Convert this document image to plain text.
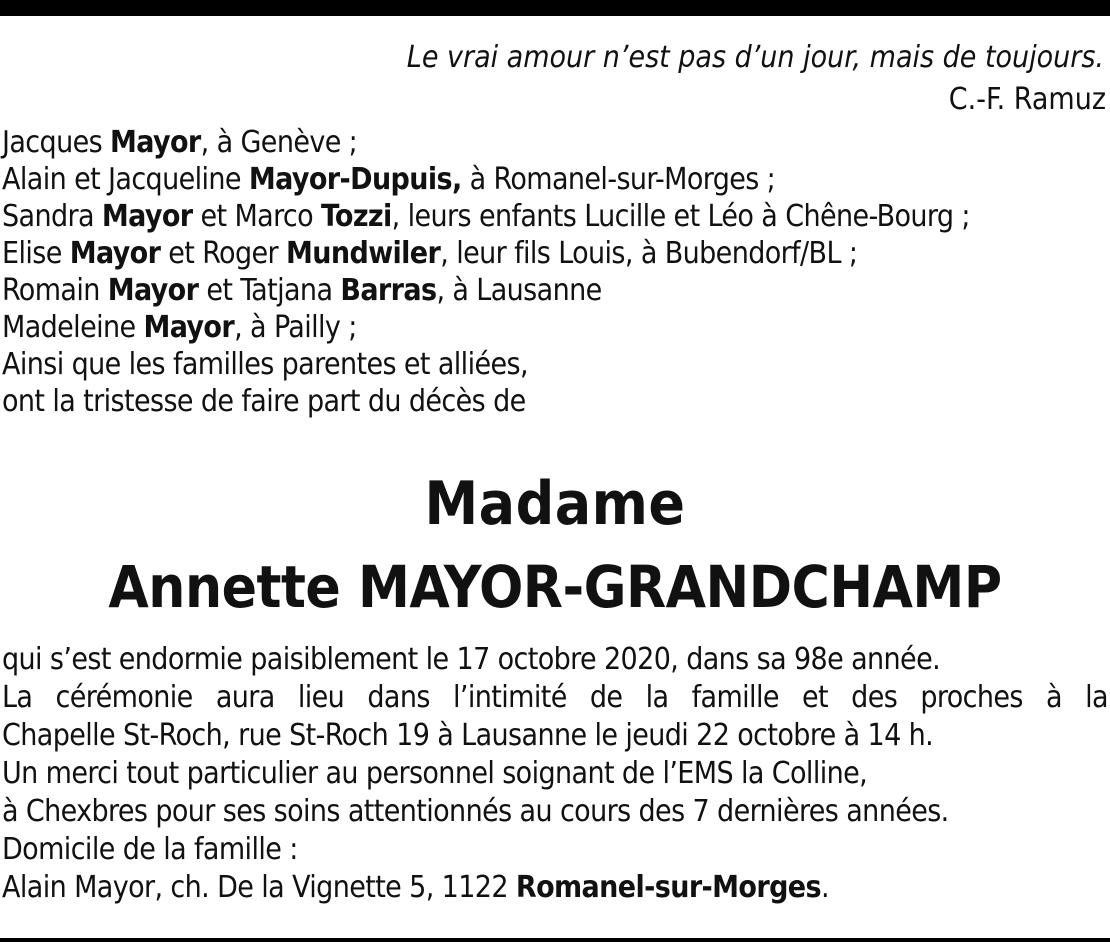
Le vrai amour n’est pas d’un jour, mais de toujours.
C.-F. Ramuz
Jacques Mayor, à Genève ;
Alain et Jacqueline Mayor-Dupuis, à Romanel-sur-Morges ;
Sandra Mayor et Marco Tozzi, leurs enfants Lucille et Léo à Chêne-Bourg ;
Elise Mayor et Roger Mundwiler, leur fils Louis, à Bubendorf/BL ;
Romain Mayor et Tatjana Barras, à Lausanne
Madeleine Mayor, à Pailly ;
Ainsi que les familles parentes et alliées,
ont la tristesse de faire part du décès de
Madame
Annette MAYOR-GRANDCHAMP
qui s’est endormie paisiblement le 17 octobre 2020, dans sa 98e année.
La cérémonie aura lieu dans l’intimité de la famille et des proches à la
Chapelle St-Roch, rue St-Roch 19 à Lausanne le jeudi 22 octobre à 14 h.
Un merci tout particulier au personnel soignant de l’EMS la Colline,
à Chexbres pour ses soins attentionnés au cours des 7 dernières années.
Domicile de la famille :
Alain Mayor, ch. De la Vignette 5, 1122 Romanel-sur-Morges.
